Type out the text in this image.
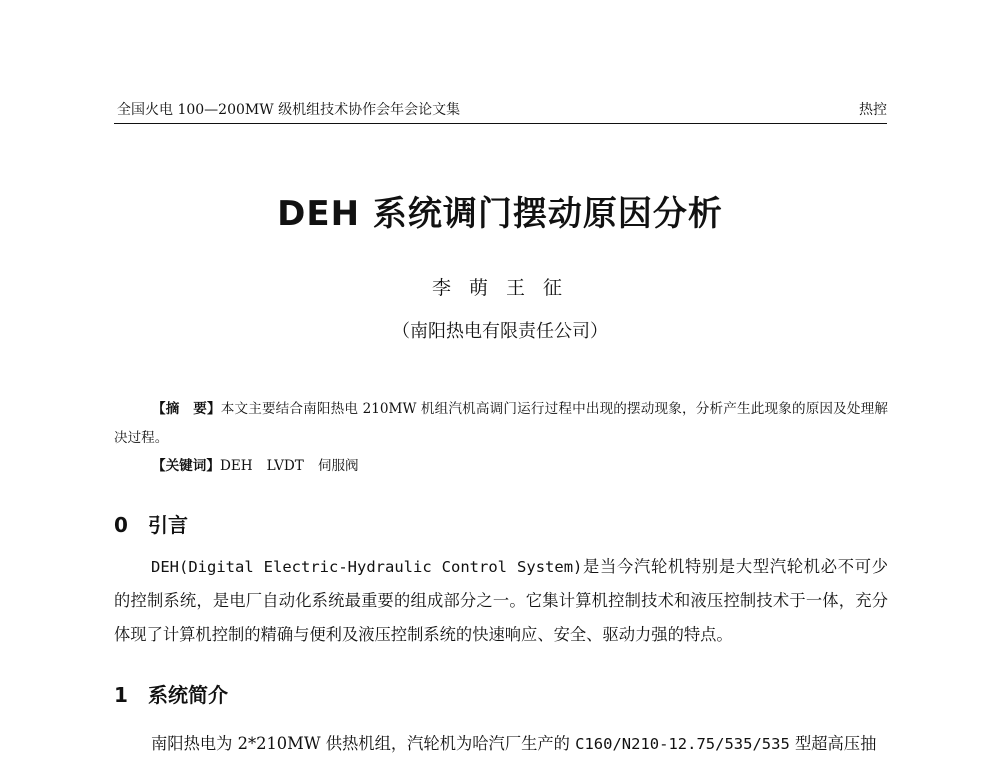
全国火电 100—200MW 级机组技术协作会年会论文集	热控
DEH 系统调门摆动原因分析
李 萌 王 征
（南阳热电有限责任公司）
【摘　要】本文主要结合南阳热电 210MW 机组汽机高调门运行过程中出现的摆动现象，分析产生此现象的原因及处理解决过程。
【关键词】DEH LVDT 伺服阀
0 引言
DEH(Digital Electric-Hydraulic Control System)是当今汽轮机特别是大型汽轮机必不可少的控制系统，是电厂自动化系统最重要的组成部分之一。它集计算机控制技术和液压控制技术于一体，充分体现了计算机控制的精确与便利及液压控制系统的快速响应、安全、驱动力强的特点。
1 系统简介
南阳热电为 2*210MW 供热机组，汽轮机为哈汽厂生产的 C160/N210-12.75/535/535 型超高压抽
